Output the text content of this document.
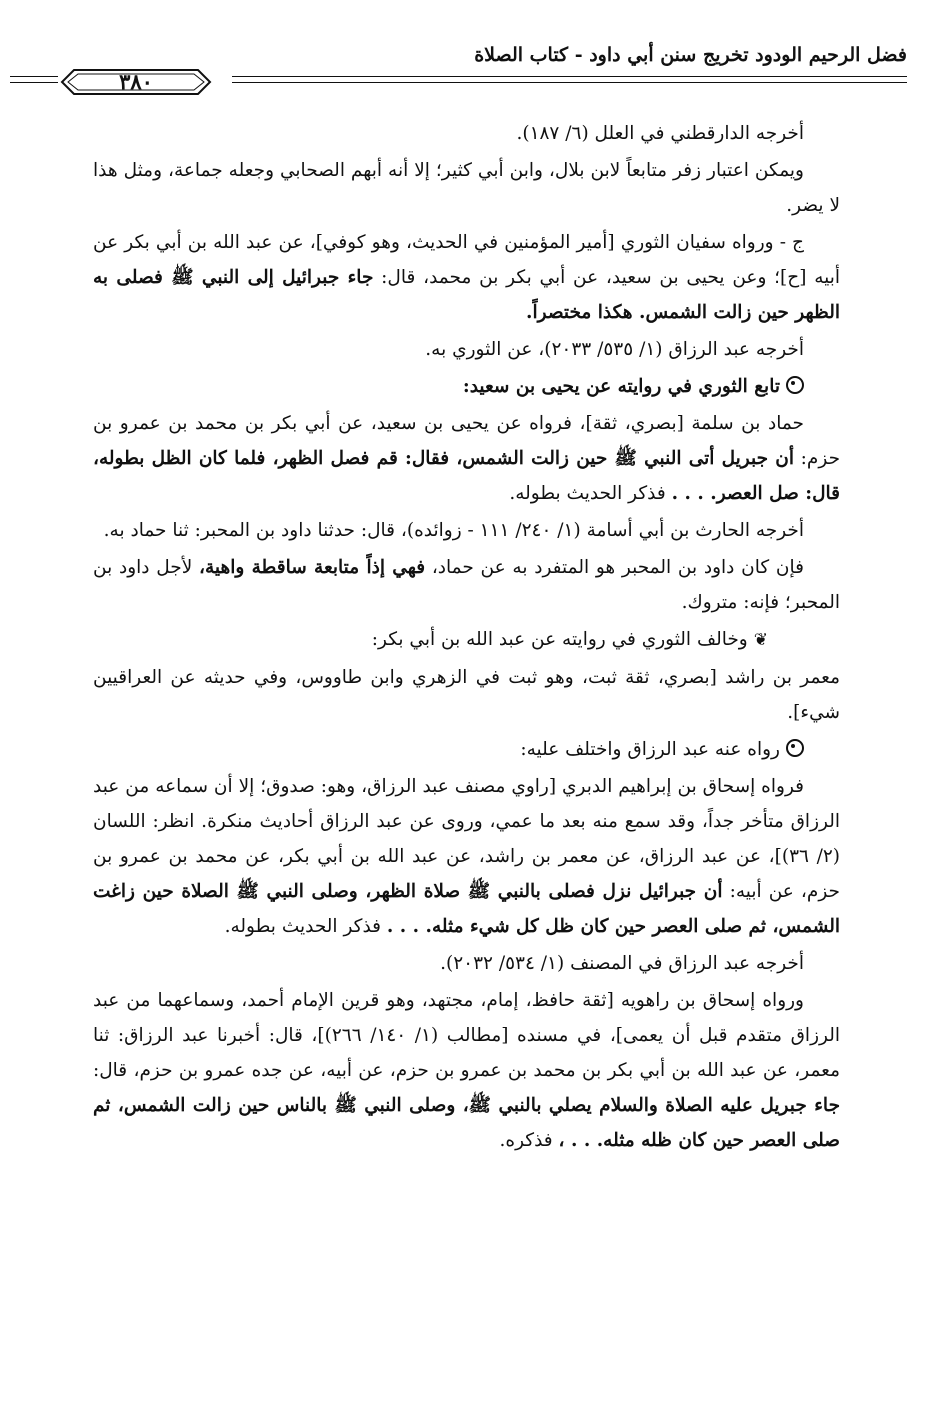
فضل الرحيم الودود تخريج سنن أبي داود - كتاب الصلاة
٣٨٠

أخرجه الدارقطني في العلل (٦/ ١٨٧).

ويمكن اعتبار زفر متابعاً لابن بلال، وابن أبي كثير؛ إلا أنه أبهم الصحابي وجعله جماعة، ومثل هذا لا يضر.

ج - ورواه سفيان الثوري [أمير المؤمنين في الحديث، وهو كوفي]، عن عبد الله بن أبي بكر عن أبيه [ح]؛ وعن يحيى بن سعيد، عن أبي بكر بن محمد، قال: جاء جبرائيل إلى النبي ﷺ فصلى به الظهر حين زالت الشمس. هكذا مختصراً.

أخرجه عبد الرزاق (١/ ٥٣٥/ ٢٠٣٣)، عن الثوري به.

تابع الثوري في روايته عن يحيى بن سعيد:

حماد بن سلمة [بصري، ثقة]، فرواه عن يحيى بن سعيد، عن أبي بكر بن محمد بن عمرو بن حزم: أن جبريل أتى النبي ﷺ حين زالت الشمس، فقال: قم فصل الظهر، فلما كان الظل بطوله، قال: صل العصر. . . . فذكر الحديث بطوله.

أخرجه الحارث بن أبي أسامة (١/ ٢٤٠/ ١١١ - زوائده)، قال: حدثنا داود بن المحبر: ثنا حماد به.

فإن كان داود بن المحبر هو المتفرد به عن حماد، فهي إذاً متابعة ساقطة واهية، لأجل داود بن المحبر؛ فإنه: متروك.

❦وخالف الثوري في روايته عن عبد الله بن أبي بكر:

معمر بن راشد [بصري، ثقة ثبت، وهو ثبت في الزهري وابن طاووس، وفي حديثه عن العراقيين شيء].

رواه عنه عبد الرزاق واختلف عليه:

فرواه إسحاق بن إبراهيم الدبري [راوي مصنف عبد الرزاق، وهو: صدوق؛ إلا أن سماعه من عبد الرزاق متأخر جداً، وقد سمع منه بعد ما عمي، وروى عن عبد الرزاق أحاديث منكرة. انظر: اللسان (٢/ ٣٦)]، عن عبد الرزاق، عن معمر بن راشد، عن عبد الله بن أبي بكر، عن محمد بن عمرو بن حزم، عن أبيه: أن جبرائيل نزل فصلى بالنبي ﷺ صلاة الظهر، وصلى النبي ﷺ الصلاة حين زاغت الشمس، ثم صلى العصر حين كان ظل كل شيء مثله. . . . فذكر الحديث بطوله.

أخرجه عبد الرزاق في المصنف (١/ ٥٣٤/ ٢٠٣٢).

ورواه إسحاق بن راهويه [ثقة حافظ، إمام، مجتهد، وهو قرين الإمام أحمد، وسماعهما من عبد الرزاق متقدم قبل أن يعمى]، في مسنده [مطالب (١/ ١٤٠/ ٢٦٦)]، قال: أخبرنا عبد الرزاق: ثنا معمر، عن عبد الله بن أبي بكر بن محمد بن عمرو بن حزم، عن أبيه، عن جده عمرو بن حزم، قال: جاء جبريل عليه الصلاة والسلام يصلي بالنبي ﷺ، وصلى النبي ﷺ بالناس حين زالت الشمس، ثم صلى العصر حين كان ظله مثله. . . ، فذكره.
